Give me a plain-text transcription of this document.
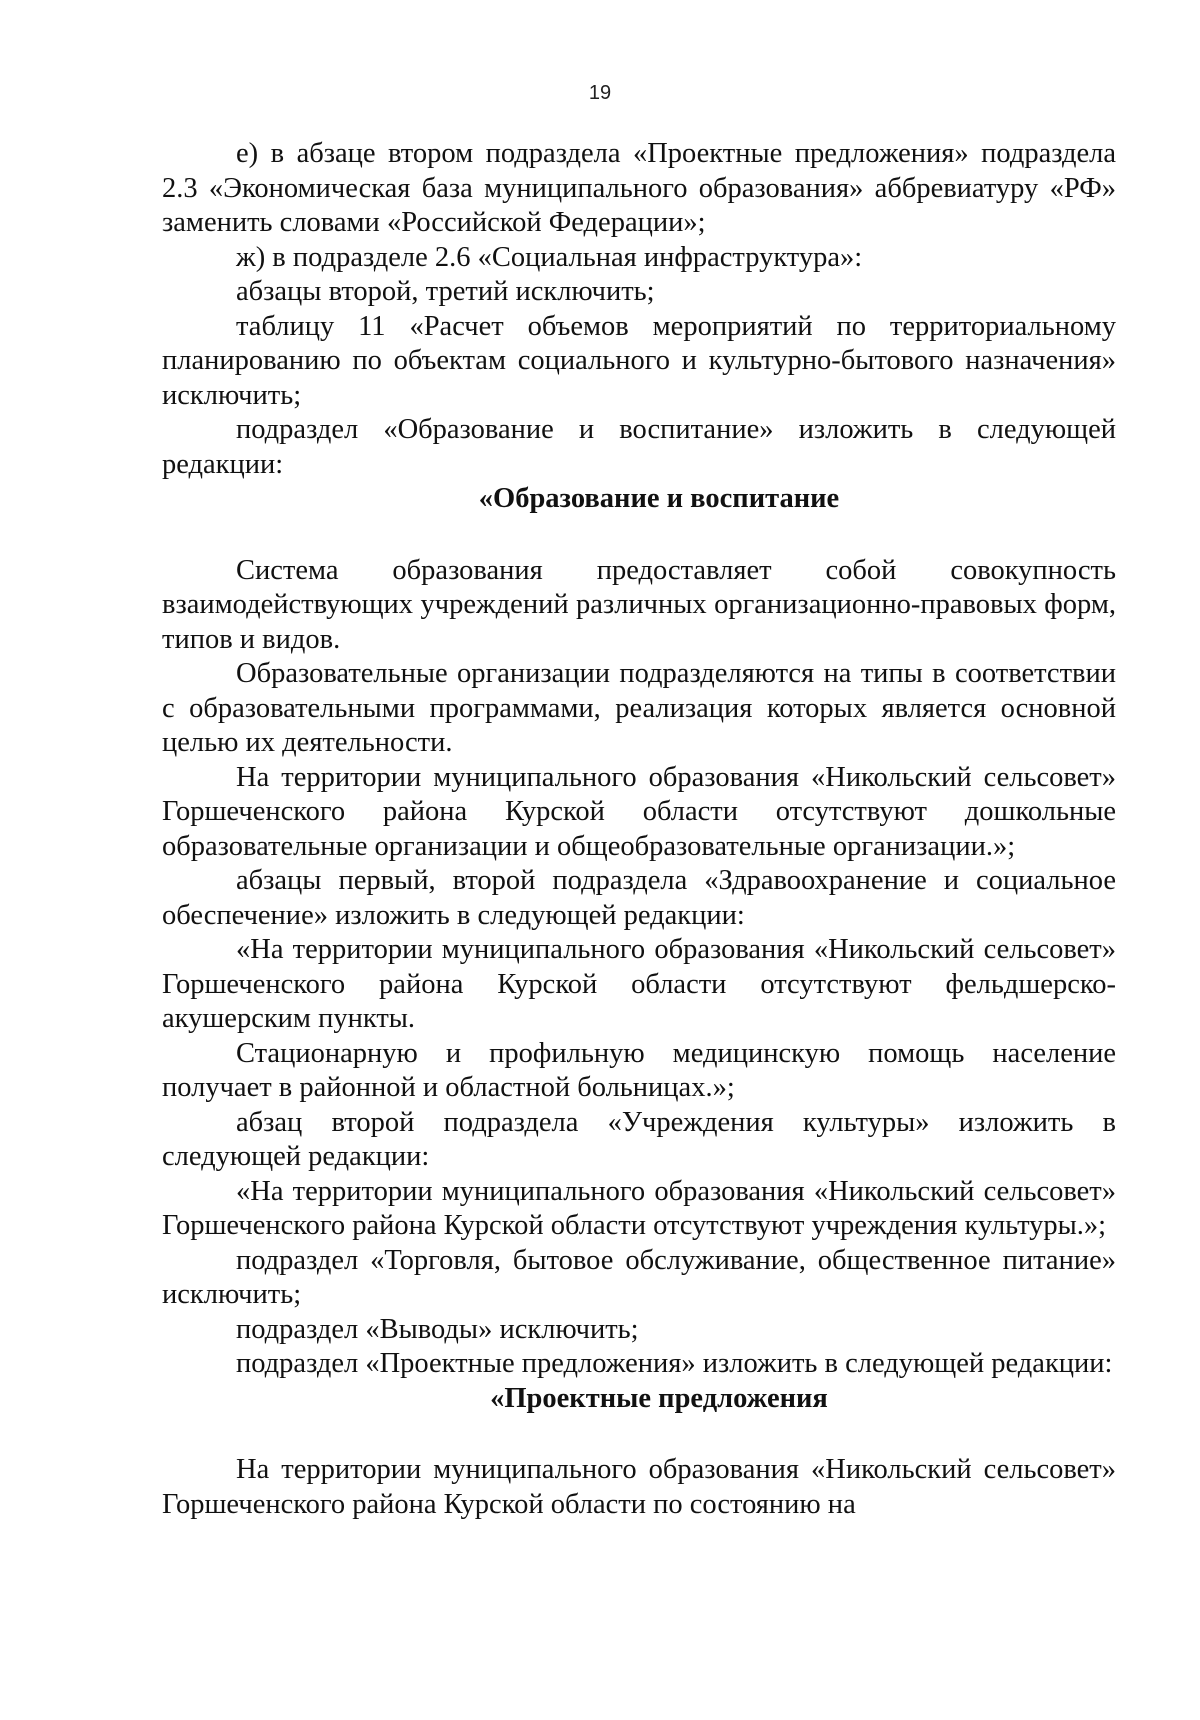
19

е) в абзаце втором подраздела «Проектные предложения» подраздела 2.3 «Экономическая база муниципального образования» аббревиатуру «РФ» заменить словами «Российской Федерации»;

ж) в подразделе 2.6 «Социальная инфраструктура»:

абзацы второй, третий исключить;

таблицу 11 «Расчет объемов мероприятий по территориальному планированию по объектам социального и культурно-бытового назначения» исключить;

подраздел «Образование и воспитание» изложить в следующей редакции:

«Образование и воспитание

Система образования предоставляет собой совокупность взаимодействующих учреждений различных организационно-правовых форм, типов и видов.

Образовательные организации подразделяются на типы в соответствии с образовательными программами, реализация которых является основной целью их деятельности.

На территории муниципального образования «Никольский сельсовет» Горшеченского района Курской области отсутствуют дошкольные образовательные организации и общеобразовательные организации.»;

абзацы первый, второй подраздела «Здравоохранение и социальное обеспечение» изложить в следующей редакции:

«На территории муниципального образования «Никольский сельсовет» Горшеченского района Курской области отсутствуют фельдшерско-акушерским пункты.

Стационарную и профильную медицинскую помощь население получает в районной и областной больницах.»;

абзац второй подраздела «Учреждения культуры» изложить в следующей редакции:

«На территории муниципального образования «Никольский сельсовет» Горшеченского района Курской области отсутствуют учреждения культуры.»;

подраздел «Торговля, бытовое обслуживание, общественное питание» исключить;

подраздел «Выводы» исключить;

подраздел «Проектные предложения» изложить в следующей редакции:

«Проектные предложения

На территории муниципального образования «Никольский сельсовет» Горшеченского района Курской области по состоянию на
